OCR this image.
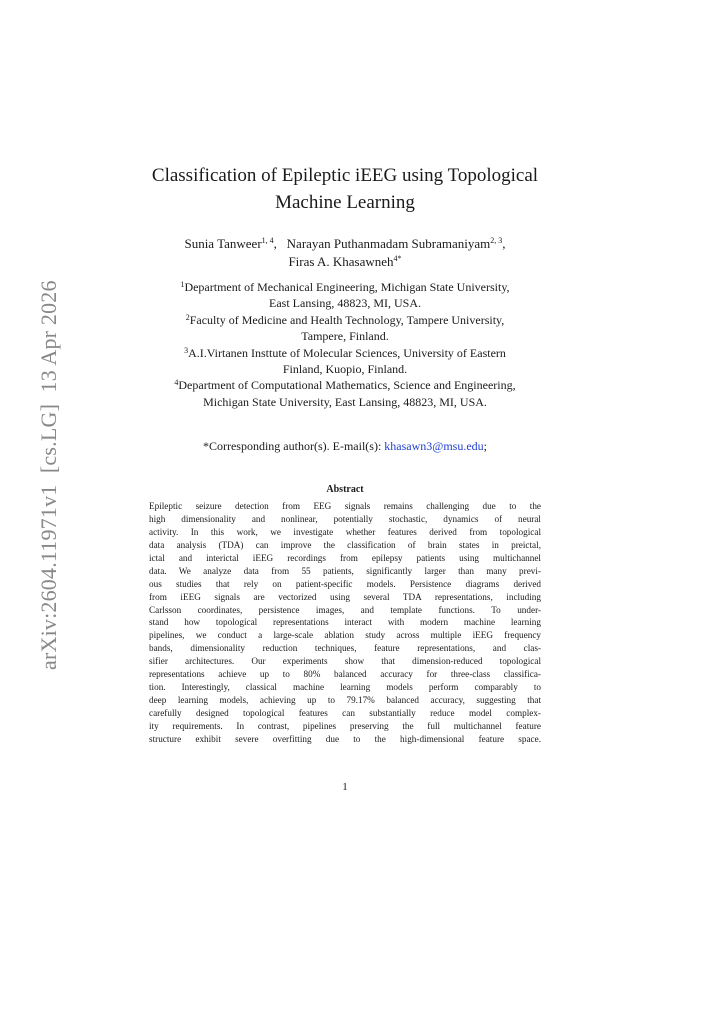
arXiv:2604.11971v1  [cs.LG]  13 Apr 2026
Classification of Epileptic iEEG using Topological
Machine Learning
Sunia Tanweer$^{1, 4}$,   Narayan Puthanmadam Subramaniyam$^{2, 3}$,
Firas A. Khasawneh$^{4*}$
$^1$Department of Mechanical Engineering, Michigan State University,
East Lansing, 48823, MI, USA.
$^2$Faculty of Medicine and Health Technology, Tampere University,
Tampere, Finland.
$^3$A.I.Virtanen Insttute of Molecular Sciences, University of Eastern
Finland, Kuopio, Finland.
$^4$Department of Computational Mathematics, Science and Engineering,
Michigan State University, East Lansing, 48823, MI, USA.
*Corresponding author(s). E-mail(s): khasawn3@msu.edu;
Abstract
Epileptic seizure detection from EEG signals remains challenging due to the
high dimensionality and nonlinear, potentially stochastic, dynamics of neural
activity. In this work, we investigate whether features derived from topological
data analysis (TDA) can improve the classification of brain states in preictal,
ictal and interictal iEEG recordings from epilepsy patients using multichannel
data. We analyze data from 55 patients, significantly larger than many previ-
ous studies that rely on patient-specific models. Persistence diagrams derived
from iEEG signals are vectorized using several TDA representations, including
Carlsson coordinates, persistence images, and template functions. To under-
stand how topological representations interact with modern machine learning
pipelines, we conduct a large-scale ablation study across multiple iEEG frequency
bands, dimensionality reduction techniques, feature representations, and clas-
sifier architectures. Our experiments show that dimension-reduced topological
representations achieve up to 80% balanced accuracy for three-class classifica-
tion. Interestingly, classical machine learning models perform comparably to
deep learning models, achieving up to 79.17% balanced accuracy, suggesting that
carefully designed topological features can substantially reduce model complex-
ity requirements. In contrast, pipelines preserving the full multichannel feature
structure exhibit severe overfitting due to the high-dimensional feature space.
1
